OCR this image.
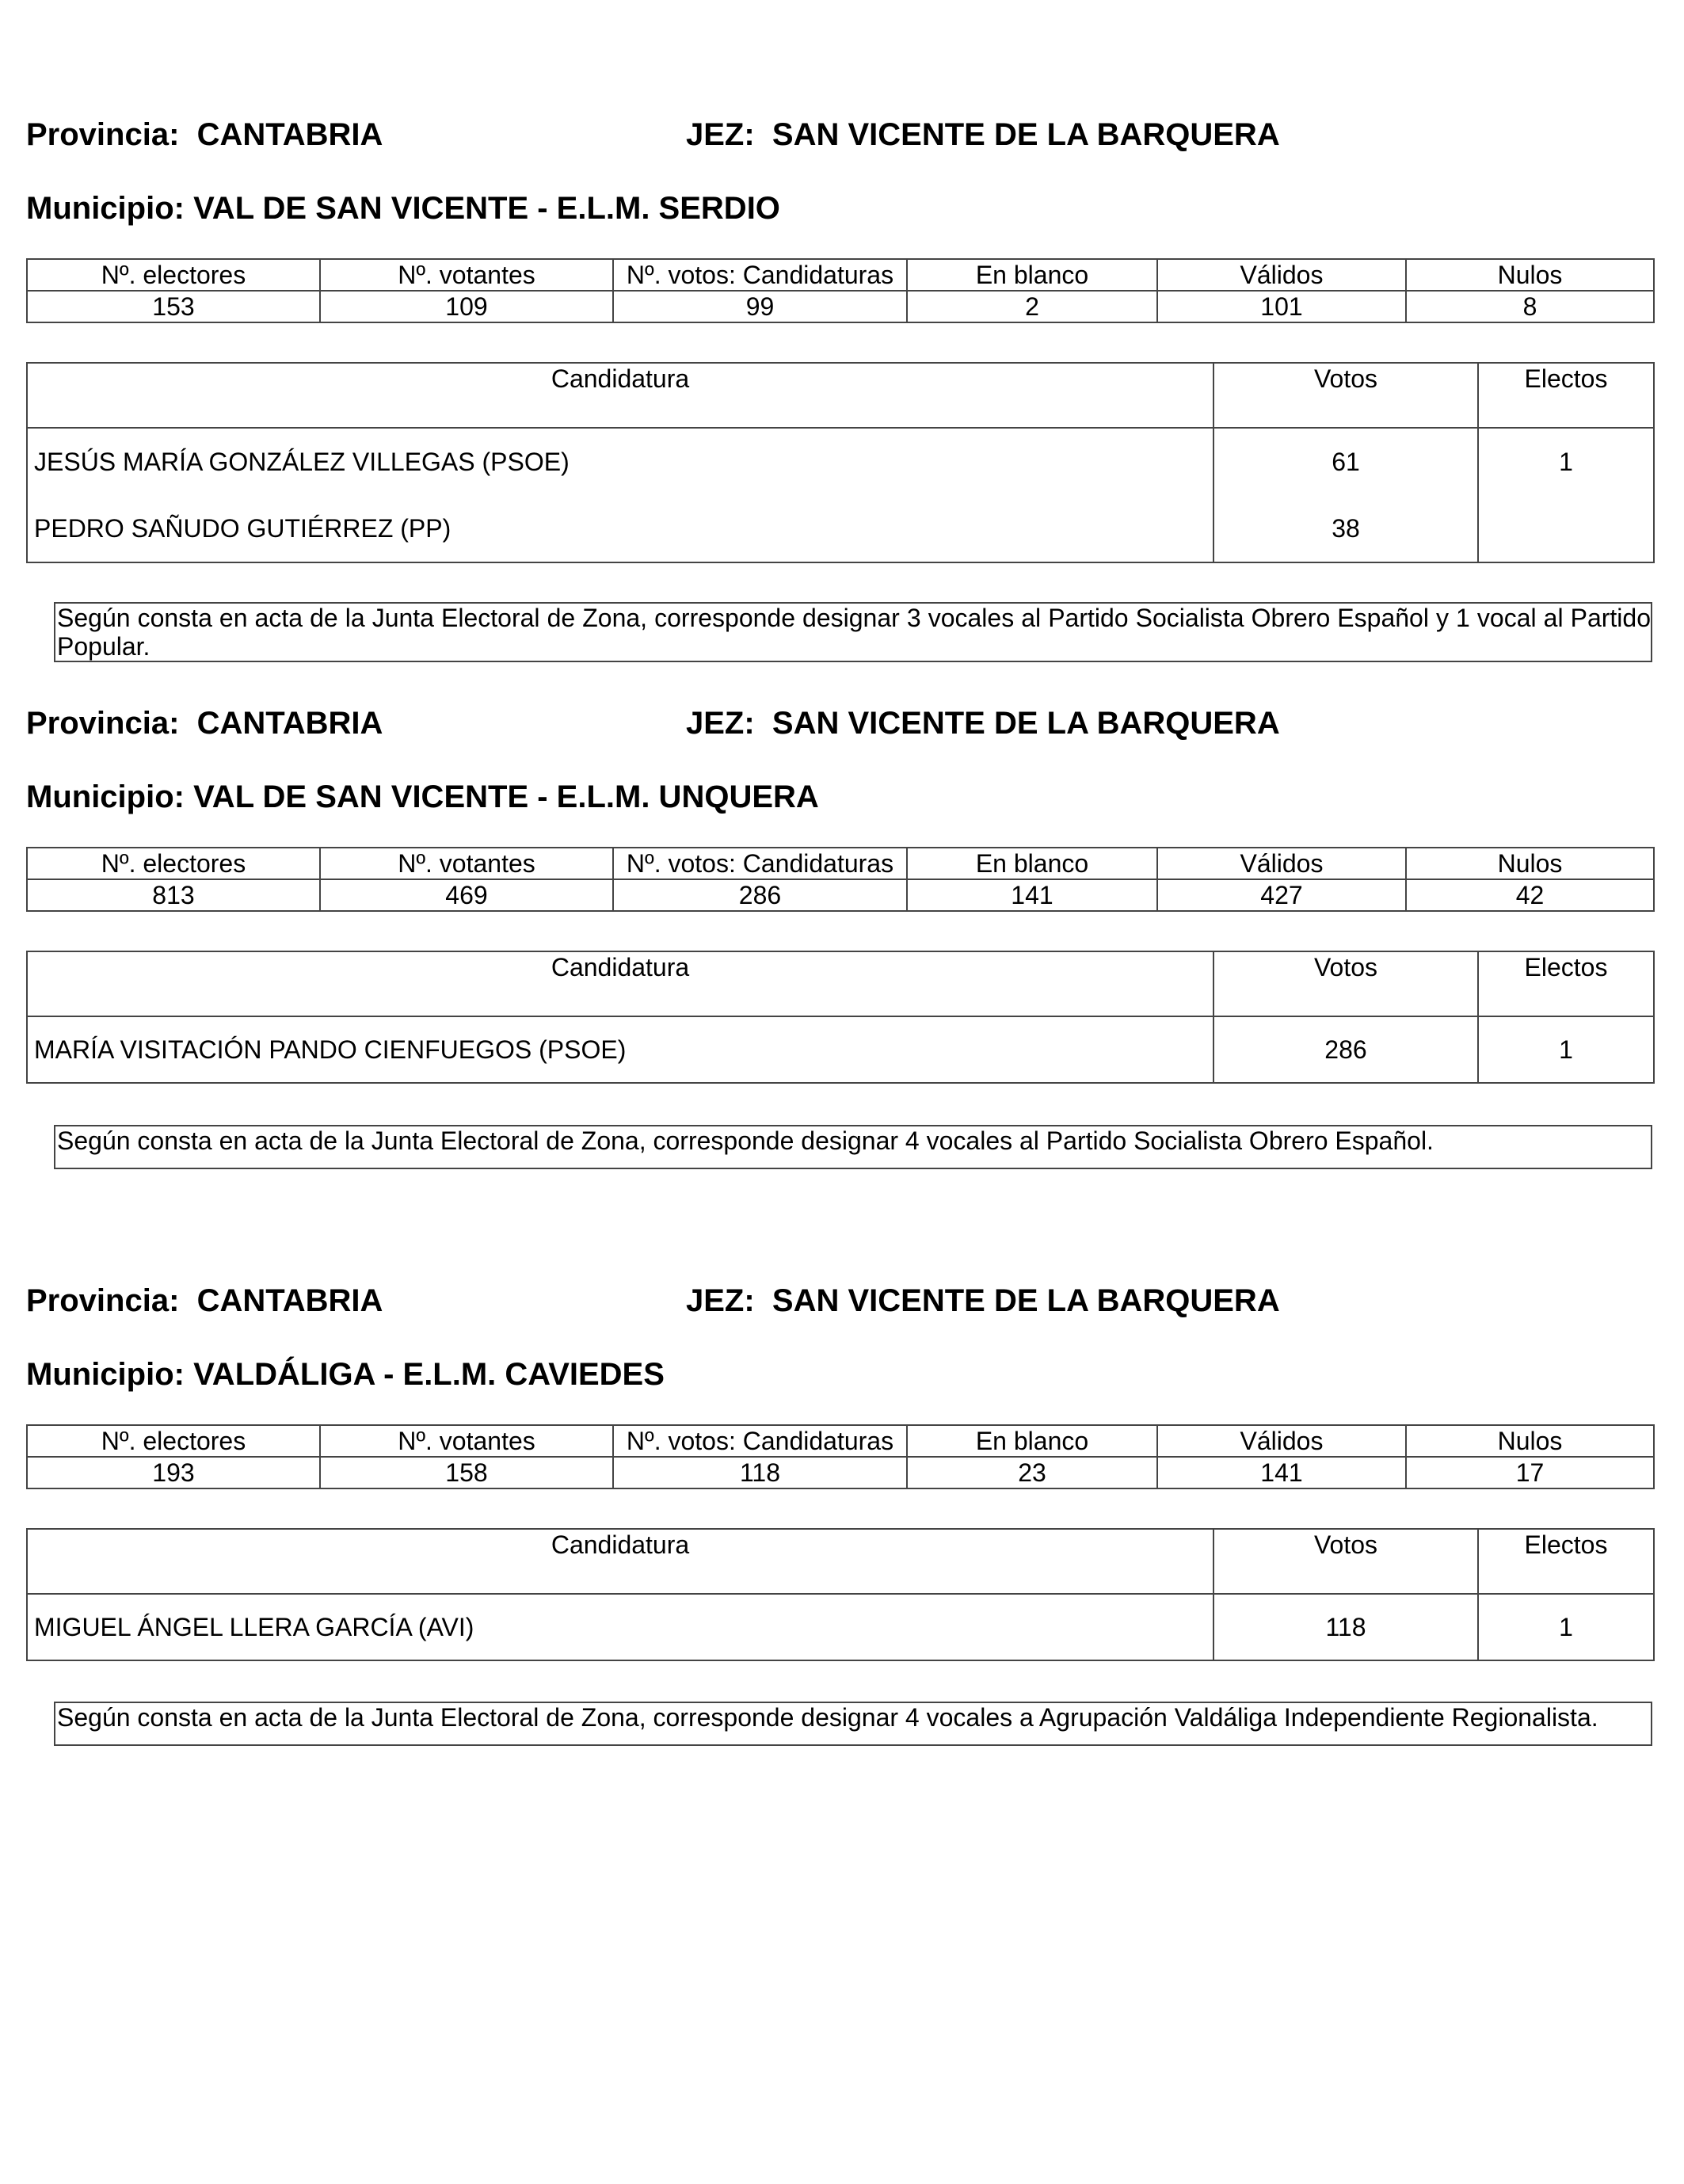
Provincia: CANTABRIA	JEZ: SAN VICENTE DE LA BARQUERA
Municipio: VAL DE SAN VICENTE - E.L.M. SERDIO
Nº. electores	Nº. votantes	Nº. votos: Candidaturas	En blanco	Válidos	Nulos
153	109	99	2	101	8
Candidatura	Votos	Electos
JESÚS MARÍA GONZÁLEZ VILLEGAS (PSOE)	61	1
PEDRO SAÑUDO GUTIÉRREZ (PP)	38	
Según consta en acta de la Junta Electoral de Zona, corresponde designar 3 vocales al Partido Socialista Obrero Español y 1 vocal al Partido Popular.
Provincia: CANTABRIA	JEZ: SAN VICENTE DE LA BARQUERA
Municipio: VAL DE SAN VICENTE - E.L.M. UNQUERA
Nº. electores	Nº. votantes	Nº. votos: Candidaturas	En blanco	Válidos	Nulos
813	469	286	141	427	42
Candidatura	Votos	Electos
MARÍA VISITACIÓN PANDO CIENFUEGOS (PSOE)	286	1
Según consta en acta de la Junta Electoral de Zona, corresponde designar 4 vocales al Partido Socialista Obrero Español.
Provincia: CANTABRIA	JEZ: SAN VICENTE DE LA BARQUERA
Municipio: VALDÁLIGA - E.L.M. CAVIEDES
Nº. electores	Nº. votantes	Nº. votos: Candidaturas	En blanco	Válidos	Nulos
193	158	118	23	141	17
Candidatura	Votos	Electos
MIGUEL ÁNGEL LLERA GARCÍA (AVI)	118	1
Según consta en acta de la Junta Electoral de Zona, corresponde designar 4 vocales a Agrupación Valdáliga Independiente Regionalista.
